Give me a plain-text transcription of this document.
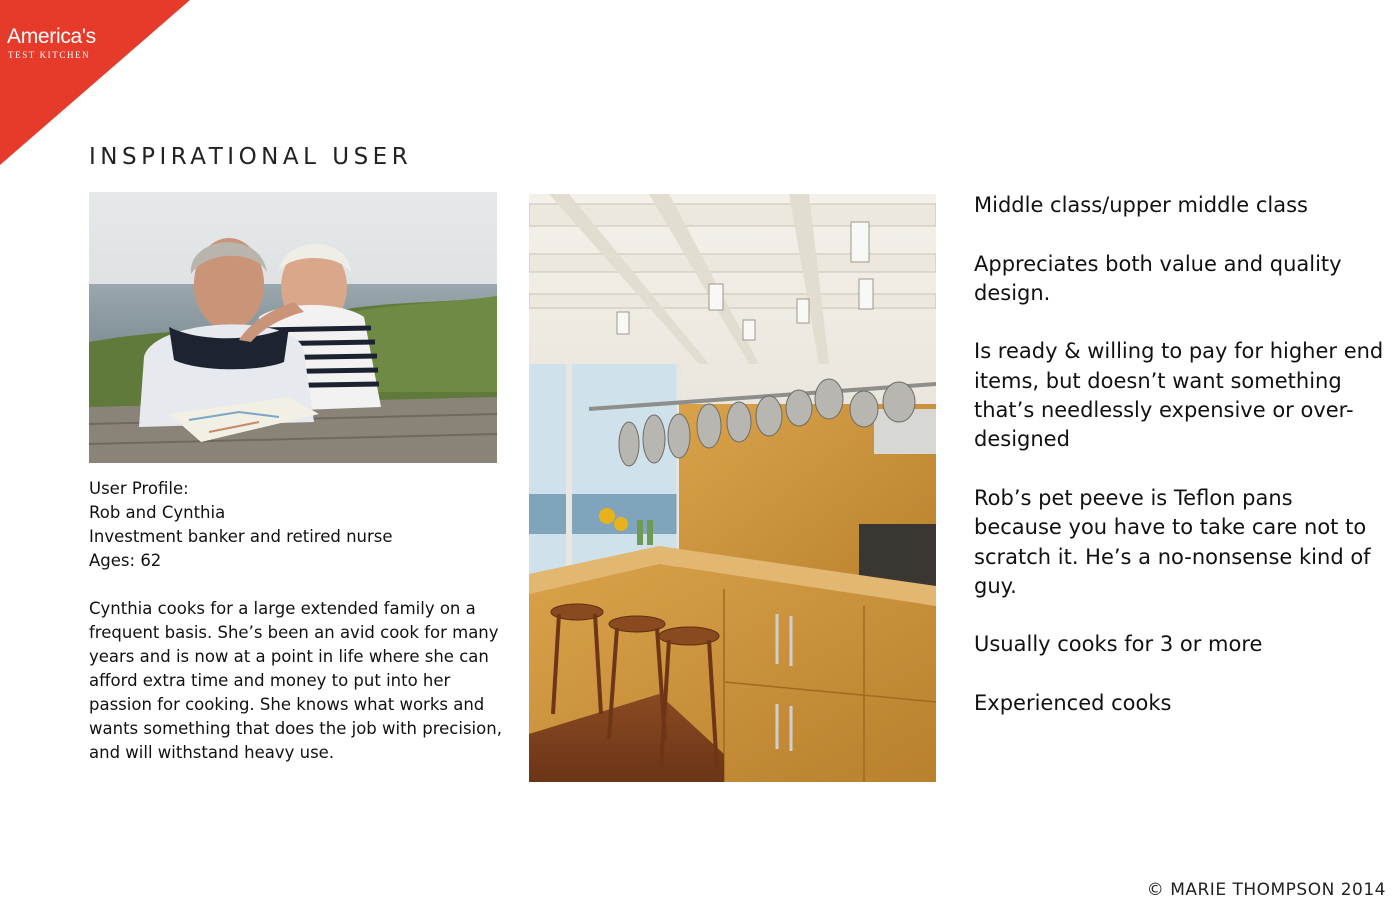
America's
TEST KITCHEN
INSPIRATIONAL USER

User Profile:

Rob and Cynthia

Investment banker and retired nurse

Ages: 62

Cynthia cooks for a large extended family on a frequent basis. She’s been an avid cook for many years and is now at a point in life where she can afford extra time and money to put into her passion for cooking. She knows what works and wants something that does the job with precision, and will withstand heavy use.

Middle class/upper middle class

Appreciates both value and quality design.

Is ready & willing to pay for higher end items, but doesn’t want something that’s needlessly expensive or over-designed

Rob’s pet peeve is Teflon pans because you have to take care not to scratch it. He’s a no-nonsense kind of guy.

Usually cooks for 3 or more

Experienced cooks

© MARIE THOMPSON 2014
